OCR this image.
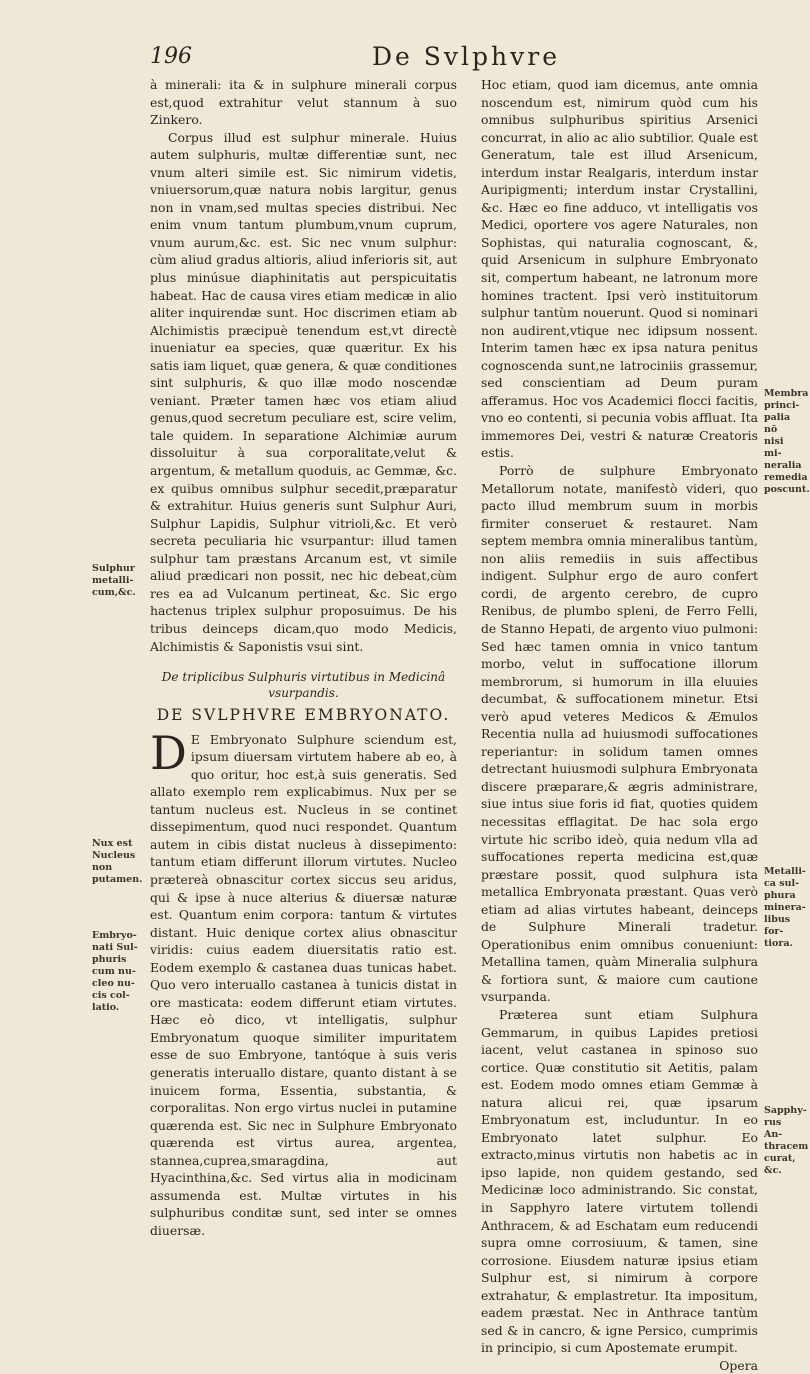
196	De Svlphvre

à minerali: ita & in sulphure minerali corpus est,quod extrahitur velut stannum à suo Zinkero.

Corpus illud est sulphur minerale. Huius autem sulphuris, multæ differentiæ sunt, nec vnum alteri simile est. Sic nimirum videtis, vniuersorum,quæ natura nobis largitur, genus non in vnam,sed multas species distribui. Nec enim vnum tantum plumbum,vnum cuprum, vnum aurum,&c. est. Sic nec vnum sulphur: cùm aliud gradus altioris, aliud inferioris sit, aut plus minúsue diaphinitatis aut perspicuitatis habeat. Hac de causa vires etiam medicæ in alio aliter inquirendæ sunt. Hoc discrimen etiam ab Alchimistis præcipuè tenendum est,vt directè inueniatur ea species, quæ quæritur. Ex his satis iam liquet, quæ genera, & quæ conditiones sint sulphuris, & quo illæ modo noscendæ veniant. Præter tamen hæc vos etiam aliud genus,quod secretum peculiare est, scire velim, tale quidem. In separatione Alchimiæ aurum dissoluitur à sua corporalitate,velut & argentum, & metallum quoduis, ac Gemmæ, &c. ex quibus omnibus sulphur secedit,præparatur & extrahitur. Huius generis sunt Sulphur Auri, Sulphur Lapidis, Sulphur vitrioli,&c. Et verò secreta peculiaria hic vsurpantur: illud tamen sulphur tam præstans Arcanum est, vt simile aliud prædicari non possit, nec hic debeat,cùm res ea ad Vulcanum pertineat, &c. Sic ergo hactenus triplex sulphur proposuimus. De his tribus deinceps dicam,quo modo Medicis, Alchimistis & Saponistis vsui sint.

De triplicibus Sulphuris virtutibus in Medicinâ vsurpandis.

DE SVLPHVRE EMBRYONATO.

DE Embryonato Sulphure sciendum est, ipsum diuersam virtutem habere ab eo, à quo oritur, hoc est,à suis generatis. Sed allato exemplo rem explicabimus. Nux per se tantum nucleus est. Nucleus in se continet dissepimentum, quod nuci respondet. Quantum autem in cibis distat nucleus à dissepimento: tantum etiam differunt illorum virtutes. Nucleo prætereà obnascitur cortex siccus seu aridus, qui & ipse à nuce alterius & diuersæ naturæ est. Quantum enim corpora: tantum & virtutes distant. Huic denique cortex alius obnascitur viridis: cuius eadem diuersitatis ratio est. Eodem exemplo & castanea duas tunicas habet. Quo vero interuallo castanea à tunicis distat in ore masticata: eodem differunt etiam virtutes. Hæc eò dico, vt intelligatis, sulphur Embryonatum quoque similiter impuritatem esse de suo Embryone, tantóque à suis veris generatis interuallo distare, quanto distant à se inuicem forma, Essentia, substantia, & corporalitas. Non ergo virtus nuclei in putamine quærenda est. Sic nec in Sulphure Embryonato quærenda est virtus aurea, argentea, stannea,cuprea,smaragdina, aut Hyacinthina,&c. Sed virtus alia in modicinam assumenda est. Multæ virtutes in his sulphuribus conditæ sunt, sed inter se omnes diuersæ.

Hoc etiam, quod iam dicemus, ante omnia noscendum est, nimirum quòd cum his omnibus sulphuribus spiritius Arsenici concurrat, in alio ac alio subtilior. Quale est Generatum, tale est illud Arsenicum, interdum instar Realgaris, interdum instar Auripigmenti; interdum instar Crystallini, &c. Hæc eo fine adduco, vt intelligatis vos Medici, oportere vos agere Naturales, non Sophistas, qui naturalia cognoscant, &, quid Arsenicum in sulphure Embryonato sit, compertum habeant, ne latronum more homines tractent. Ipsi verò instituitorum sulphur tantùm nouerunt. Quod si nominari non audirent,vtique nec idipsum nossent. Interim tamen hæc ex ipsa natura penitus cognoscenda sunt,ne latrociniis grassemur, sed conscientiam ad Deum puram afferamus. Hoc vos Academici flocci facitis, vno eo contenti, si pecunia vobis affluat. Ita immemores Dei, vestri & naturæ Creatoris estis.

Porrò de sulphure Embryonato Metallorum notate, manifestò videri, quo pacto illud membrum suum in morbis firmiter conseruet & restauret. Nam septem membra omnia mineralibus tantùm, non aliis remediis in suis affectibus indigent. Sulphur ergo de auro confert cordi, de argento cerebro, de cupro Renibus, de plumbo spleni, de Ferro Felli, de Stanno Hepati, de argento viuo pulmoni: Sed hæc tamen omnia in vnico tantum morbo, velut in suffocatione illorum membrorum, si humorum in illa eluuies decumbat, & suffocationem minetur. Etsi verò apud veteres Medicos & Æmulos Recentia nulla ad huiusmodi suffocationes reperiantur: in solidum tamen omnes detrectant huiusmodi sulphura Embryonata discere præparare,& ægris administrare, siue intus siue foris id fiat, quoties quidem necessitas efflagitat. De hac sola ergo virtute hic scribo ideò, quia nedum vlla ad suffocationes reperta medicina est,quæ præstare possit, quod sulphura ista metallica Embryonata præstant. Quas verò etiam ad alias virtutes habeant, deinceps de Sulphure Minerali tradetur. Operationibus enim omnibus conueniunt: Metallina tamen, quàm Mineralia sulphura & fortiora sunt, & maiore cum cautione vsurpanda.

Præterea sunt etiam Sulphura Gemmarum, in quibus Lapides pretiosi iacent, velut castanea in spinoso suo cortice. Quæ constitutio sit Aetitis, palam est. Eodem modo omnes etiam Gemmæ à natura alicui rei, quæ ipsarum Embryonatum est, includuntur. In eo Embryonato latet sulphur. Eo extracto,minus virtutis non habetis ac in ipso lapide, non quidem gestando, sed Medicinæ loco administrando. Sic constat, in Sapphyro latere virtutem tollendi Anthracem, & ad Eschatam eum reducendi supra omne corrosiuum, & tamen, sine corrosione. Eiusdem naturæ ipsius etiam Sulphur est, si nimirum à corpore extrahatur, & emplastretur. Ita impositum, eadem præstat. Nec in Anthrace tantùm sed & in cancro, & igne Persico, cumprimis in principio, si cum Apostemate erumpit.

Opera

Sulphur metalli-cum,&c.
Nux est Nucleus non putamen.
Embryo-nati Sul-phuris cum nu-cleo nu-cis col-latio.
Membra princi-palia nō nisi mi-neralia remedia poscunt.
Metalli-ca sul-phura minera-libus for-tiora.
Sapphy-rus An-thracem curat, &c.
